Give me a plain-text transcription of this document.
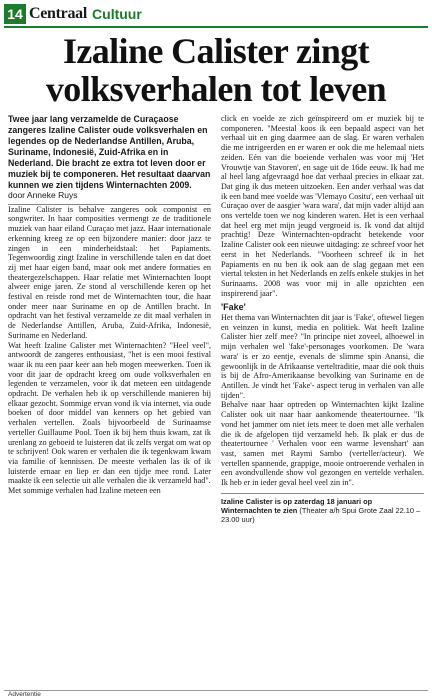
14 Centraal Cultuur
Izaline Calister zingt volksverhalen tot leven

Twee jaar lang verzamelde de Curaçaose zangeres Izaline Calister oude volksverhalen en legendes op de Nederlandse Antillen, Aruba, Suriname, Indonesië, Zuid-Afrika en in Nederland. Die bracht ze extra tot leven door er muziek bij te componeren. Het resultaat daarvan kunnen we zien tijdens Winternachten 2009.

door Anneke Ruys

Izaline Calister is behalve zangeres ook componist en songwriter. In haar composities vermengt ze de traditionele muziek van haar eiland Curaçao met jazz. Haar internationale erkenning kreeg ze op een bijzondere manier: door jazz te zingen in een minderheidstaal: het Papiaments. Tegenwoordig zingt Izaline in verschillende talen en dat doet zij met haar eigen band, maar ook met andere formaties en theatergezelschappen. Haar relatie met Winternachten loopt alweer enige jaren. Ze stond al verschillende keren op het festival en reisde rond met de Winternachten tour, die haar onder meer naar Suriname en op de Antillen bracht. In opdracht van het festival verzamelde ze dit maal verhalen in de Nederlandse Antillen, Aruba, Zuid-Afrika, Indonesië, Suriname en Nederland.

Wat heeft Izaline Calister met Winternachten? "Heel veel", antwoordt de zangeres enthousiast, "het is een mooi festival waar ik nu een paar keer aan heb mogen meewerken. Toen ik voor dit jaar de opdracht kreeg om oude volksverhalen en legenden te verzamelen, voor ik dat meteen een uitdagende opdracht. De verhalen heb ik op verschillende manieren bij elkaar gezocht. Sommige ervan vond ik via internet, via oude boeken of door middel van kenners op het gebied van verhalen vertellen. Zoals bijvoorbeeld de Surinaamse verteller Guillaume Pool. Toen ik bij hem thuis kwam, zat ik urenlang zo geboeid te luisteren dat ik zelfs vergat om wat op te schrijven! Ook waren er verhalen die ik tegenkwam kwam via familie of kennissen. De meeste verhalen las ik of ik luisterde ernaar en liep er dan een tijdje mee rond. Later maakte ik een selectie uit alle verhalen die ik verzameld had".

Met sommige verhalen had Izaline meteen een

click en voelde ze zich geïnspireerd om er muziek bij te componeren. "Meestal koos ik een bepaald aspect van het verhaal uit en ging daarmee aan de slag. Er waren verhalen die me intrigeerden en er waren er ook die me helemaal niets zeiden. Eén van die boeiende verhalen was voor mij 'Het Vrouwtje van Stavoren', en sage uit de 16de eeuw. Ik had me al heel lang afgevraagd hoe dat verhaal precies in elkaar zat. Dat ging ik dus meteen uitzoeken. Een ander verhaal was dat ik een band mee voelde was 'Vlemayo Cositu', een verhaal uit Curaçao over de aasgier 'wara wara', dat mijn vader altijd aan ons vertelde toen we nog kinderen waren. Het is een verhaal dat heel erg met mijn jeugd vergroeid is. Ik vond dat altijd prachtig! Deze Winternachten-opdracht betekende voor Izaline Calister ook een nieuwe uitdaging: ze schreef voor het eerst in het Nederlands. "Voorheen schreef ik in het Papiaments en nu ben ik ook aan de slag gegaan met een viertal teksten in het Nederlands en zelfs enkele stukjes in het Surinaams. 2008 was voor mij in alle opzichten een inspirerend jaar".

'Fake'

Het thema van Winternachten dit jaar is 'Fake', oftewel liegen en veinzen in kunst, media en politiek. Wat heeft Izaline Calister hier zelf mee? "In principe niet zoveel, alhoewel in mijn verhalen wel 'fake'-personages voorkomen. De 'wara wara' is er zo eentje, evenals de slimme spin Anansi, die gewoonlijk in de Afrikaanse verteltraditie, maar die ook thuis is bij de Afro-Amerikaanse bevolking van Suriname en de Antillen. Je vindt het 'Fake'- aspect terug in verhalen van alle tijden".

Behalve naar haar optreden op Winternachten kijkt Izaline Calister ook uit naar haar aankomende theatertournee. "Ik vond het jammer om niet iets meer te doen met alle verhalen die ik de afgelopen tijd verzameld heb. Ik plak er dus de theatertournee ' Verhalen voor een warme levenshart' aan vast, samen met Raymi Sambo (verteller/acteur). We vertellen spannende, grappige, mooie ontroerende verhalen in een avondvullende show vol gezongen en vertelde verhalen. Ik heb er in ieder geval heel veel zin in".

Izaline Calister is op zaterdag 18 januari op Winternachten te zien (Theater a/h Spui Grote Zaal 22.10 – 23.00 uur)
Advertentie
